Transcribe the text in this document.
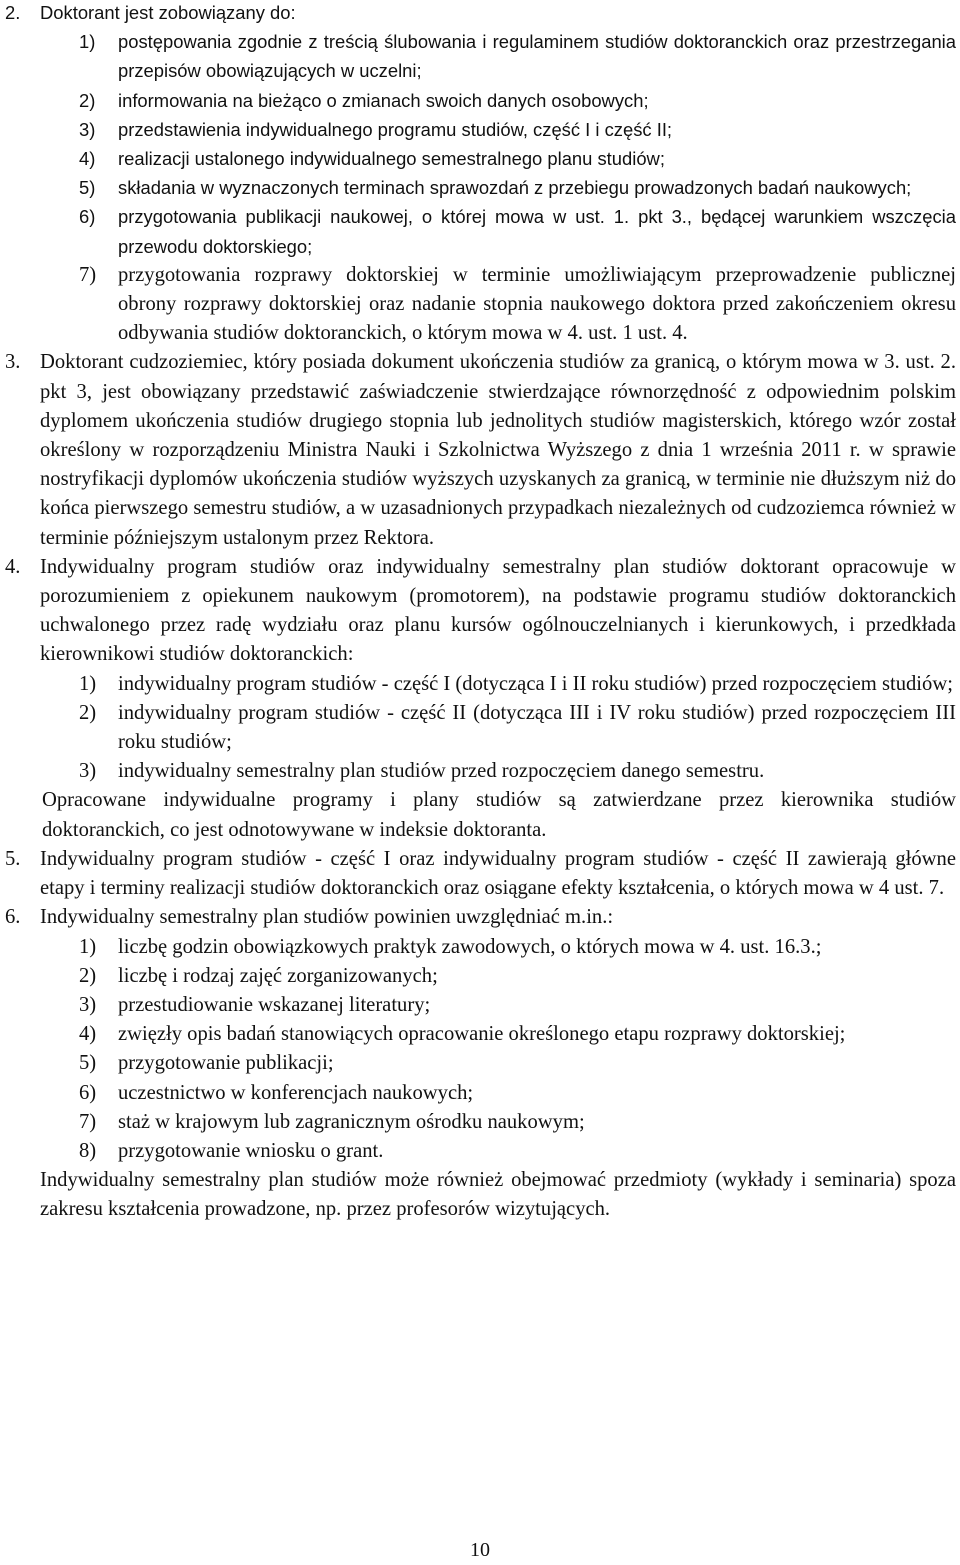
2. Doktorant jest zobowiązany do:
1) postępowania zgodnie z treścią ślubowania i regulaminem studiów doktoranckich oraz przestrzegania przepisów obowiązujących w uczelni;
2) informowania na bieżąco o zmianach swoich danych osobowych;
3) przedstawienia indywidualnego programu studiów, część I i część II;
4) realizacji ustalonego indywidualnego semestralnego planu studiów;
5) składania w wyznaczonych terminach sprawozdań z przebiegu prowadzonych badań naukowych;
6) przygotowania publikacji naukowej, o której mowa w ust. 1. pkt 3., będącej warunkiem wszczęcia przewodu doktorskiego;
7) przygotowania rozprawy doktorskiej w terminie umożliwiającym przeprowadzenie publicznej obrony rozprawy doktorskiej oraz nadanie stopnia naukowego doktora przed zakończeniem okresu odbywania studiów doktoranckich, o którym mowa w 4. ust. 1 ust. 4.
3. Doktorant cudzoziemiec, który posiada dokument ukończenia studiów za granicą, o którym mowa w 3. ust. 2. pkt 3, jest obowiązany przedstawić zaświadczenie stwierdzające równorzędność z odpowiednim polskim dyplomem ukończenia studiów drugiego stopnia lub jednolitych studiów magisterskich, którego wzór został określony w rozporządzeniu Ministra Nauki i Szkolnictwa Wyższego z dnia 1 września 2011 r. w sprawie nostryfikacji dyplomów ukończenia studiów wyższych uzyskanych za granicą, w terminie nie dłuższym niż do końca pierwszego semestru studiów, a w uzasadnionych przypadkach niezależnych od cudzoziemca również w terminie późniejszym ustalonym przez Rektora.
4. Indywidualny program studiów oraz indywidualny semestralny plan studiów doktorant opracowuje w porozumieniem z opiekunem naukowym (promotorem), na podstawie programu studiów doktoranckich uchwalonego przez radę wydziału oraz planu kursów ogólnouczelnianych i kierunkowych, i przedkłada kierownikowi studiów doktoranckich:
1) indywidualny program studiów - część I (dotycząca I i II roku studiów) przed rozpoczęciem studiów;
2) indywidualny program studiów - część II (dotycząca III i IV roku studiów) przed rozpoczęciem III roku studiów;
3) indywidualny semestralny plan studiów przed rozpoczęciem danego semestru.
Opracowane indywidualne programy i plany studiów są zatwierdzane przez kierownika studiów doktoranckich, co jest odnotowywane w indeksie doktoranta.
5. Indywidualny program studiów - część I oraz indywidualny program studiów - część II zawierają główne etapy i terminy realizacji studiów doktoranckich oraz osiągane efekty kształcenia, o których mowa w 4 ust. 7.
6. Indywidualny semestralny plan studiów powinien uwzględniać m.in.:
1) liczbę godzin obowiązkowych praktyk zawodowych, o których mowa w 4. ust. 16.3.;
2) liczbę i rodzaj zajęć zorganizowanych;
3) przestudiowanie wskazanej literatury;
4) zwięzły opis badań stanowiących opracowanie określonego etapu rozprawy doktorskiej;
5) przygotowanie publikacji;
6) uczestnictwo w konferencjach naukowych;
7) staż w krajowym lub zagranicznym ośrodku naukowym;
8) przygotowanie wniosku o grant.
Indywidualny semestralny plan studiów może również obejmować przedmioty (wykłady i seminaria) spoza zakresu kształcenia prowadzone, np. przez profesorów wizytujących.
10
